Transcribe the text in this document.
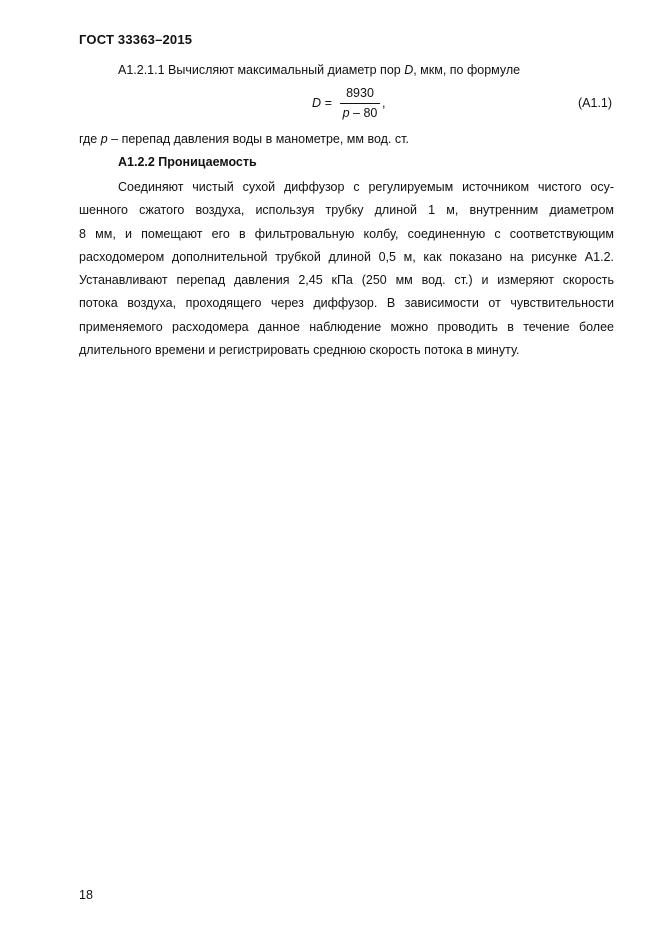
ГОСТ 33363–2015
А1.2.1.1 Вычисляют максимальный диаметр пор D, мкм, по формуле
D =
8930
p – 80
,	(А1.1)
где p – перепад давления воды в манометре, мм вод. ст.
А1.2.2 Проницаемость
Соединяют чистый сухой диффузор с регулируемым источником чистого осу-
шенного сжатого воздуха, используя трубку длиной 1 м, внутренним диаметром
8 мм, и помещают его в фильтровальную колбу, соединенную с соответствующим
расходомером дополнительной трубкой длиной 0,5 м, как показано на рисунке А1.2.
Устанавливают перепад давления 2,45 кПа (250 мм вод. ст.) и измеряют скорость
потока воздуха, проходящего через диффузор. В зависимости от чувствительности
применяемого расходомера данное наблюдение можно проводить в течение более
длительного времени и регистрировать среднюю скорость потока в минуту.
18
